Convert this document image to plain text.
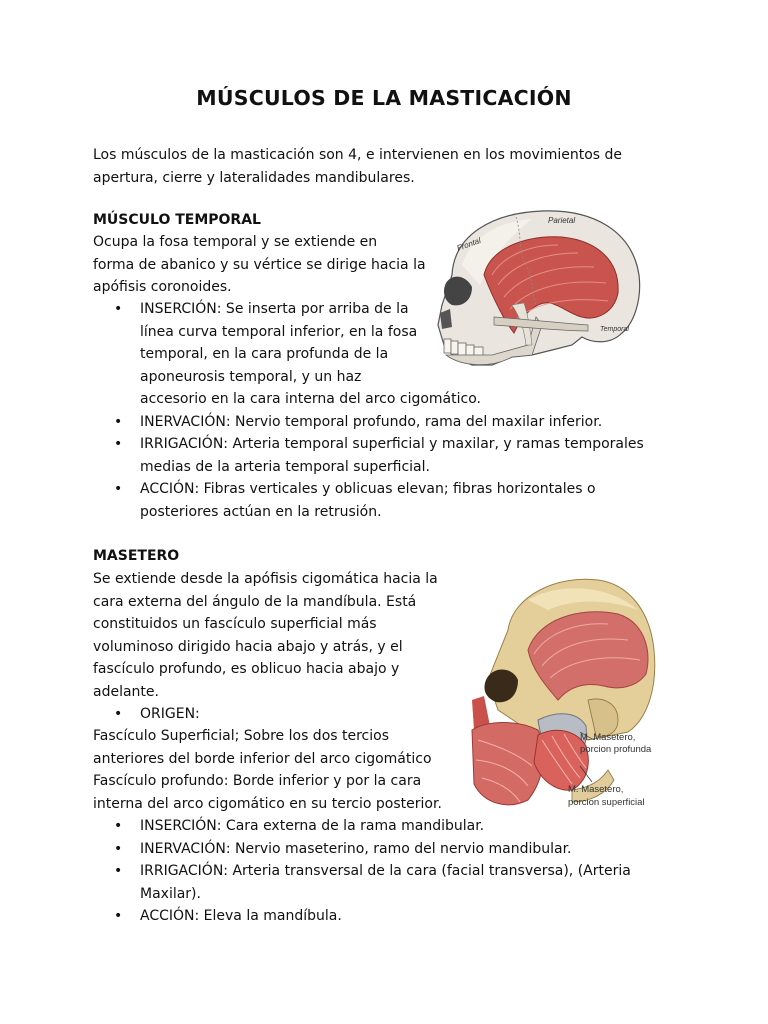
MÚSCULOS DE LA MASTICACIÓN

Los músculos de la masticación son 4, e intervienen en los movimientos de
apertura, cierre y lateralidades mandibulares.

MÚSCULO TEMPORAL

Ocupa la fosa temporal y se extiende en
forma de abanico y su vértice se dirige hacia la
apófisis coronoides.

• INSERCIÓN: Se inserta por arriba de la
línea curva temporal inferior, en la fosa
temporal, en la cara profunda de la
aponeurosis temporal, y un haz
accesorio en la cara interna del arco cigomático.
• INERVACIÓN: Nervio temporal profundo, rama del maxilar inferior.
• IRRIGACIÓN: Arteria temporal superficial y maxilar, y ramas temporales
medias de la arteria temporal superficial.
• ACCIÓN: Fibras verticales y oblicuas elevan; fibras horizontales o
posteriores actúan en la retrusión.
Parietal
Frontal
Temporal

MASETERO

Se extiende desde la apófisis cigomática hacia la
cara externa del ángulo de la mandíbula. Está
constituidos un fascículo superficial más
voluminoso dirigido hacia abajo y atrás, y el
fascículo profundo, es oblicuo hacia abajo y
adelante.

• ORIGEN:

Fascículo Superficial; Sobre los dos tercios
anteriores del borde inferior del arco cigomático
Fascículo profundo: Borde inferior y por la cara
interna del arco cigomático en su tercio posterior.

• INSERCIÓN: Cara externa de la rama mandibular.
• INERVACIÓN: Nervio maseterino, ramo del nervio mandibular.
• IRRIGACIÓN: Arteria transversal de la cara (facial transversa), (Arteria
Maxilar).
• ACCIÓN: Eleva la mandíbula.
M. Masetero,
porcion profunda
M. Masetero,
porcion superficial
